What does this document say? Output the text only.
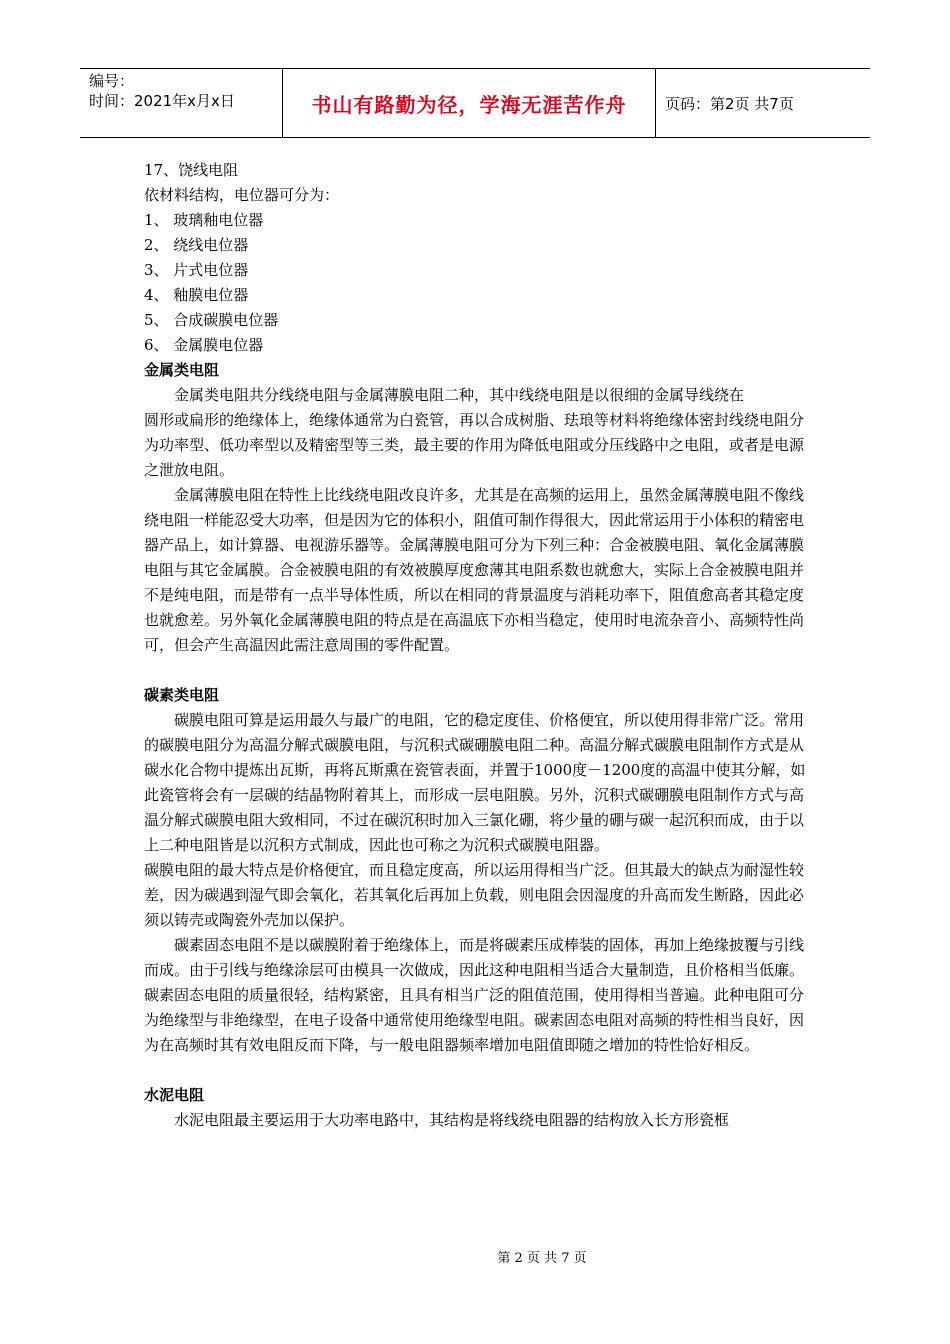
编号：
时间：2021年x月x日	书山有路勤为径，学海无涯苦作舟	页码：第2页 共7页

17、饶线电阻

依材料结构，电位器可分为：

1、 玻璃釉电位器

2、 绕线电位器

3、 片式电位器

4、 釉膜电位器

5、 合成碳膜电位器

6、 金属膜电位器

金属类电阻

金属类电阻共分线绕电阻与金属薄膜电阻二种，其中线绕电阻是以很细的金属导线绕在

圆形或扁形的绝缘体上，绝缘体通常为白瓷管，再以合成树脂、珐琅等材料将绝缘体密封线绕电阻分为功率型、低功率型以及精密型等三类，最主要的作用为降低电阻或分压线路中之电阻，或者是电源之泄放电阻。

金属薄膜电阻在特性上比线绕电阻改良许多，尤其是在高频的运用上，虽然金属薄膜电阻不像线绕电阻一样能忍受大功率，但是因为它的体积小，阻值可制作得很大，因此常运用于小体积的精密电器产品上，如计算器、电视游乐器等。金属薄膜电阻可分为下列三种：合金被膜电阻、氧化金属薄膜电阻与其它金属膜。合金被膜电阻的有效被膜厚度愈薄其电阻系数也就愈大，实际上合金被膜电阻并不是纯电阻，而是带有一点半导体性质，所以在相同的背景温度与消耗功率下，阻值愈高者其稳定度也就愈差。另外氧化金属薄膜电阻的特点是在高温底下亦相当稳定，使用时电流杂音小、高频特性尚可，但会产生高温因此需注意周围的零件配置。

碳素类电阻

碳膜电阻可算是运用最久与最广的电阻，它的稳定度佳、价格便宜，所以使用得非常广泛。常用的碳膜电阻分为高温分解式碳膜电阻，与沉积式碳硼膜电阻二种。高温分解式碳膜电阻制作方式是从碳水化合物中提炼出瓦斯，再将瓦斯熏在瓷管表面，并置于1000度－1200度的高温中使其分解，如此瓷管将会有一层碳的结晶物附着其上，而形成一层电阻膜。另外，沉积式碳硼膜电阻制作方式与高温分解式碳膜电阻大致相同，不过在碳沉积时加入三氯化硼，将少量的硼与碳一起沉积而成，由于以上二种电阻皆是以沉积方式制成，因此也可称之为沉积式碳膜电阻器。

碳膜电阻的最大特点是价格便宜，而且稳定度高，所以运用得相当广泛。但其最大的缺点为耐湿性较差，因为碳遇到湿气即会氧化，若其氧化后再加上负载，则电阻会因湿度的升高而发生断路，因此必须以铸壳或陶瓷外壳加以保护。

碳素固态电阻不是以碳膜附着于绝缘体上，而是将碳素压成棒装的固体，再加上绝缘披覆与引线而成。由于引线与绝缘涂层可由模具一次做成，因此这种电阻相当适合大量制造，且价格相当低廉。碳素固态电阻的质量很轻，结构紧密，且具有相当广泛的阻值范围，使用得相当普遍。此种电阻可分为绝缘型与非绝缘型，在电子设备中通常使用绝缘型电阻。碳素固态电阻对高频的特性相当良好，因为在高频时其有效电阻反而下降，与一般电阻器频率增加电阻值即随之增加的特性恰好相反。

水泥电阻

水泥电阻最主要运用于大功率电路中，其结构是将线绕电阻器的结构放入长方形瓷框

第 2 页 共 7 页
